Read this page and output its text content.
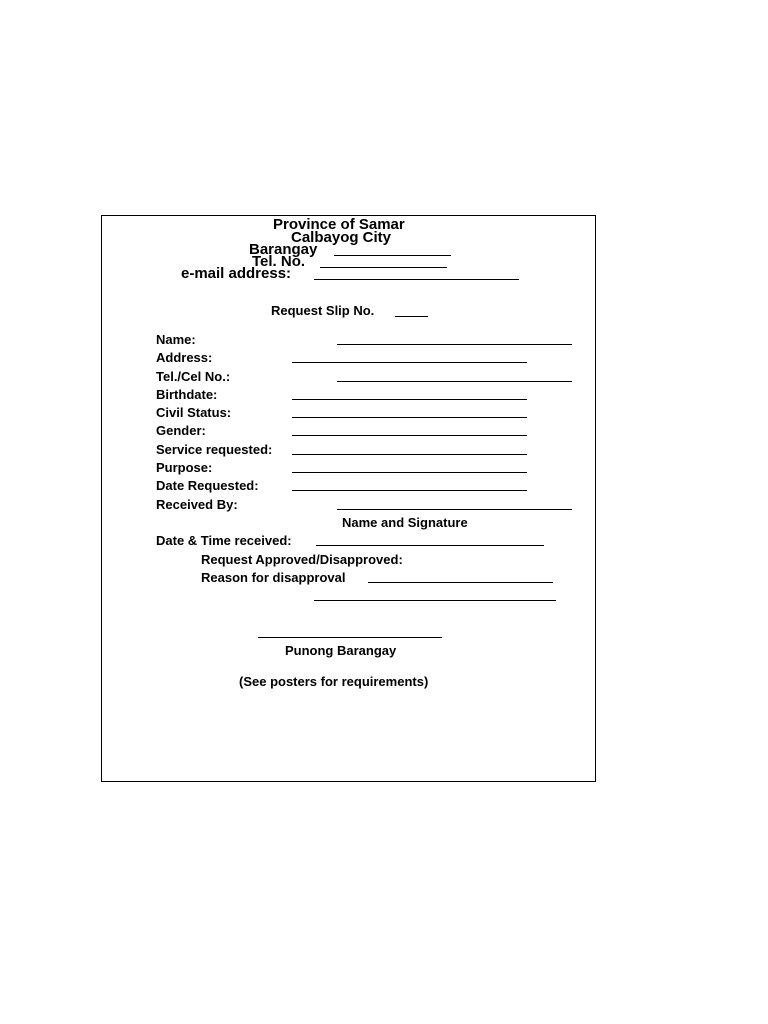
Province of Samar
Calbayog City
Barangay
Tel. No.
e-mail address:
Request Slip No.
Name:
Address:
Tel./Cel No.:
Birthdate:
Civil Status:
Gender:
Service requested:
Purpose:
Date Requested:
Received By:
Name and Signature
Date & Time received:
Request Approved/Disapproved:
Reason for disapproval
Punong Barangay
(See posters for requirements)
